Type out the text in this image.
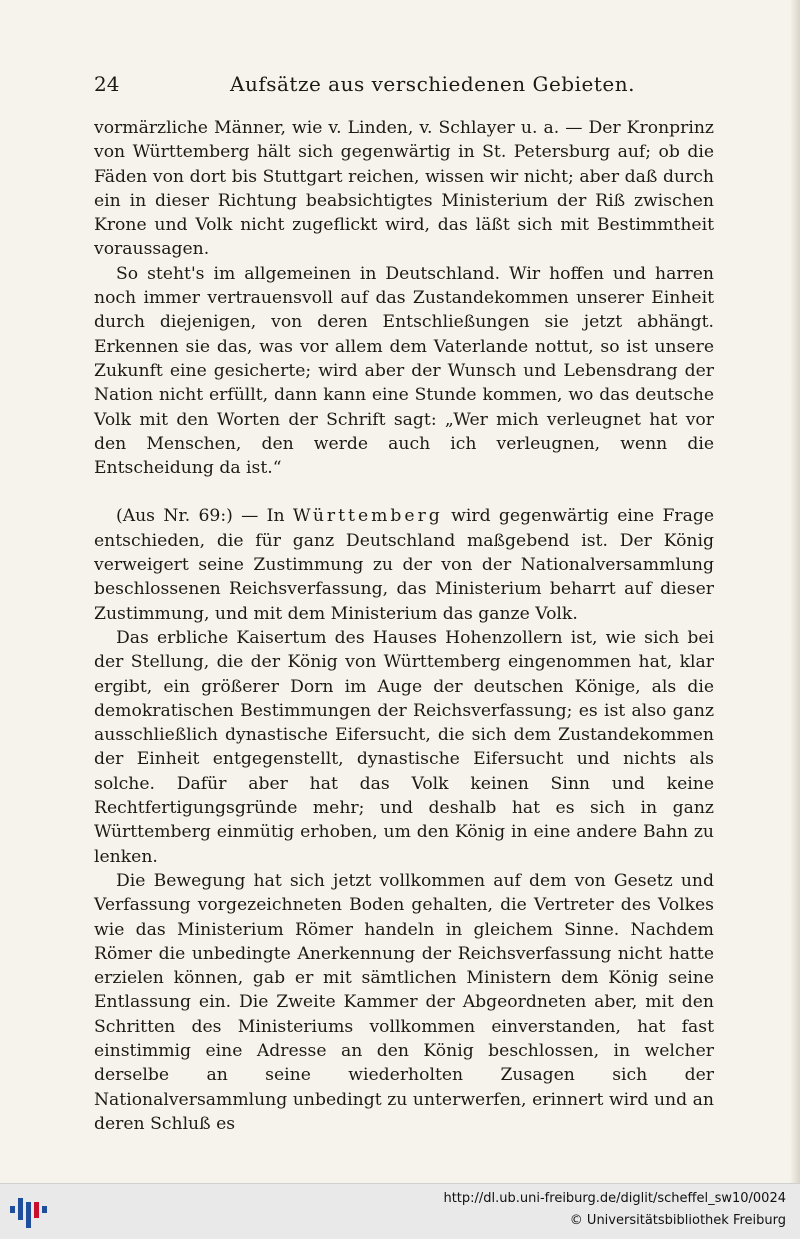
24	Aufsätze aus verschiedenen Gebieten.

vormärzliche Männer, wie v. Linden, v. Schlayer u. a. — Der Kronprinz von Württemberg hält sich gegenwärtig in St. Petersburg auf; ob die Fäden von dort bis Stuttgart reichen, wissen wir nicht; aber daß durch ein in dieser Richtung beabsichtigtes Ministerium der Riß zwischen Krone und Volk nicht zugeflickt wird, das läßt sich mit Bestimmtheit voraussagen.

So steht's im allgemeinen in Deutschland. Wir hoffen und harren noch immer vertrauensvoll auf das Zustandekommen unserer Einheit durch diejenigen, von deren Entschließungen sie jetzt abhängt. Erkennen sie das, was vor allem dem Vaterlande nottut, so ist unsere Zukunft eine gesicherte; wird aber der Wunsch und Lebensdrang der Nation nicht erfüllt, dann kann eine Stunde kommen, wo das deutsche Volk mit den Worten der Schrift sagt: „Wer mich verleugnet hat vor den Menschen, den werde auch ich verleugnen, wenn die Entscheidung da ist.“

(Aus Nr. 69:) — In Württemberg wird gegenwärtig eine Frage entschieden, die für ganz Deutschland maßgebend ist. Der König verweigert seine Zustimmung zu der von der Nationalversammlung beschlossenen Reichsverfassung, das Ministerium beharrt auf dieser Zustimmung, und mit dem Ministerium das ganze Volk.

Das erbliche Kaisertum des Hauses Hohenzollern ist, wie sich bei der Stellung, die der König von Württemberg eingenommen hat, klar ergibt, ein größerer Dorn im Auge der deutschen Könige, als die demokratischen Bestimmungen der Reichsverfassung; es ist also ganz ausschließlich dynastische Eifersucht, die sich dem Zustandekommen der Einheit entgegenstellt, dynastische Eifersucht und nichts als solche. Dafür aber hat das Volk keinen Sinn und keine Rechtfertigungsgründe mehr; und deshalb hat es sich in ganz Württemberg einmütig erhoben, um den König in eine andere Bahn zu lenken.

Die Bewegung hat sich jetzt vollkommen auf dem von Gesetz und Verfassung vorgezeichneten Boden gehalten, die Vertreter des Volkes wie das Ministerium Römer handeln in gleichem Sinne. Nachdem Römer die unbedingte Anerkennung der Reichsverfassung nicht hatte erzielen können, gab er mit sämtlichen Ministern dem König seine Entlassung ein. Die Zweite Kammer der Abgeordneten aber, mit den Schritten des Ministeriums vollkommen einverstanden, hat fast einstimmig eine Adresse an den König beschlossen, in welcher derselbe an seine wiederholten Zusagen sich der Nationalversammlung unbedingt zu unterwerfen, erinnert wird und an deren Schluß es

http://dl.ub.uni-freiburg.de/diglit/scheffel_sw10/0024
© Universitätsbibliothek Freiburg
